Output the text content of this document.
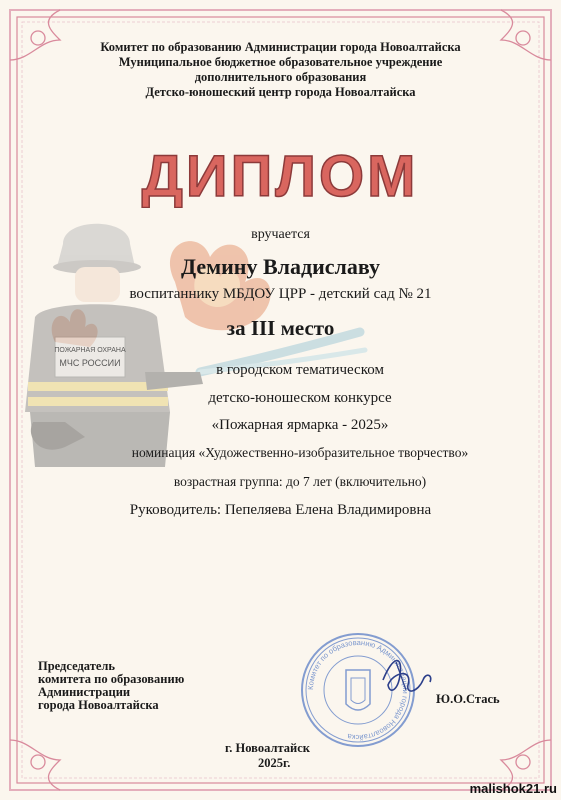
Комитет по образованию Администрации города Новоалтайска

Муниципальное бюджетное образовательное учреждение

дополнительного образования

Детско-юношеский центр города Новоалтайска

ДИПЛОМ
ПОЖАРНАЯ ОХРАНА
МЧС РОССИИ

вручается

Демину Владиславу

воспитаннику МБДОУ ЦРР - детский сад № 21

за III место

в городском тематическом

детско-юношеском конкурсе

«Пожарная ярмарка - 2025»

номинация «Художественно-изобразительное творчество»

возрастная группа: до 7 лет (включительно)

Руководитель: Пепеляева Елена Владимировна

Комитет по образованию Администрации города Новоалтайска
Председатель
комитета по образованию
Администрации
города Новоалтайска	Ю.О.Стась

г. Новоалтайск

2025г.

malishok21.ru
